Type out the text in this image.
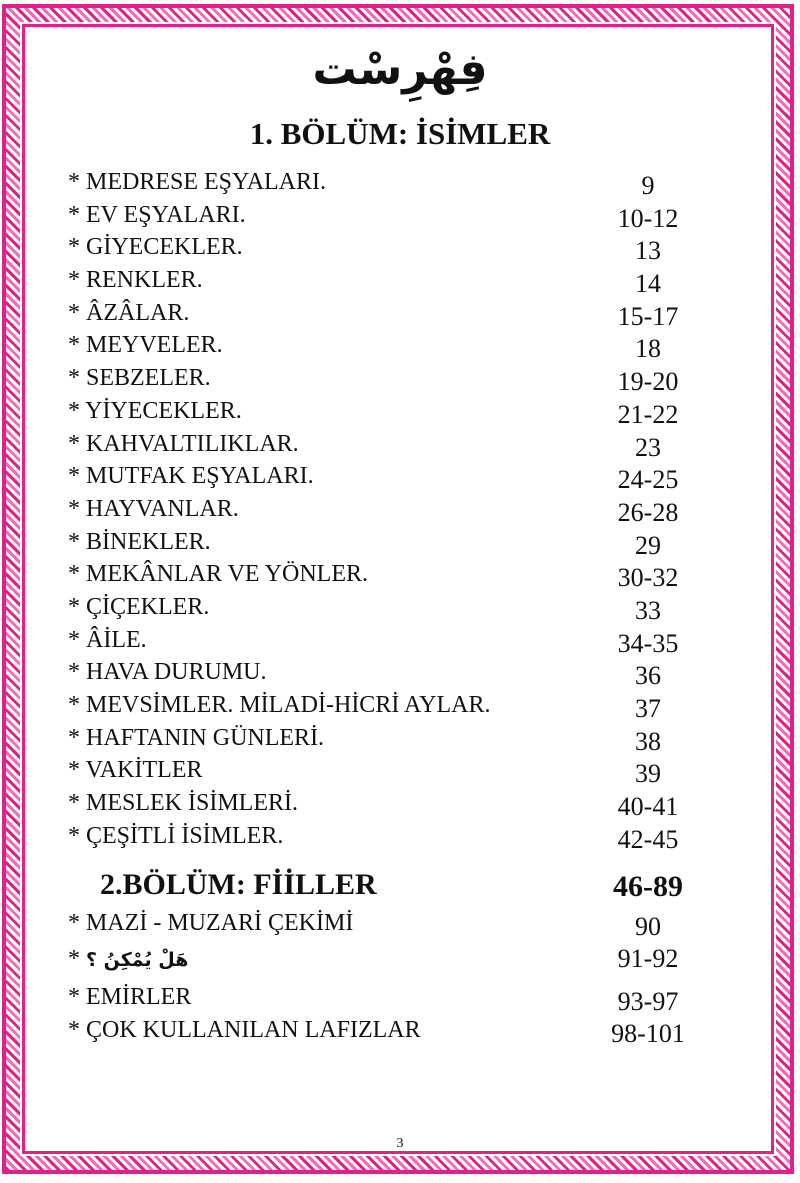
فِهْرِسْت
1. BÖLÜM: İSİMLER
* MEDRESE EŞYALARI.	9
* EV EŞYALARI.	10-12
* GİYECEKLER.	13
* RENKLER.	14
* ÂZÂLAR.	15-17
* MEYVELER.	18
* SEBZELER.	19-20
* YİYECEKLER.	21-22
* KAHVALTILIKLAR.	23
* MUTFAK EŞYALARI.	24-25
* HAYVANLAR.	26-28
* BİNEKLER.	29
* MEKÂNLAR VE YÖNLER.	30-32
* ÇİÇEKLER.	33
* ÂİLE.	34-35
* HAVA DURUMU.	36
* MEVSİMLER. MİLADİ-HİCRİ AYLAR.	37
* HAFTANIN GÜNLERİ.	38
* VAKİTLER	39
* MESLEK İSİMLERİ.	40-41
* ÇEŞİTLİ İSİMLER.	42-45
2.BÖLÜM: FİİLLER	46-89
* MAZİ - MUZARİ ÇEKİMİ	90
* هَلْ يُمْكِنُ ؟	91-92
* EMİRLER	93-97
* ÇOK KULLANILAN LAFIZLAR	98-101
3
